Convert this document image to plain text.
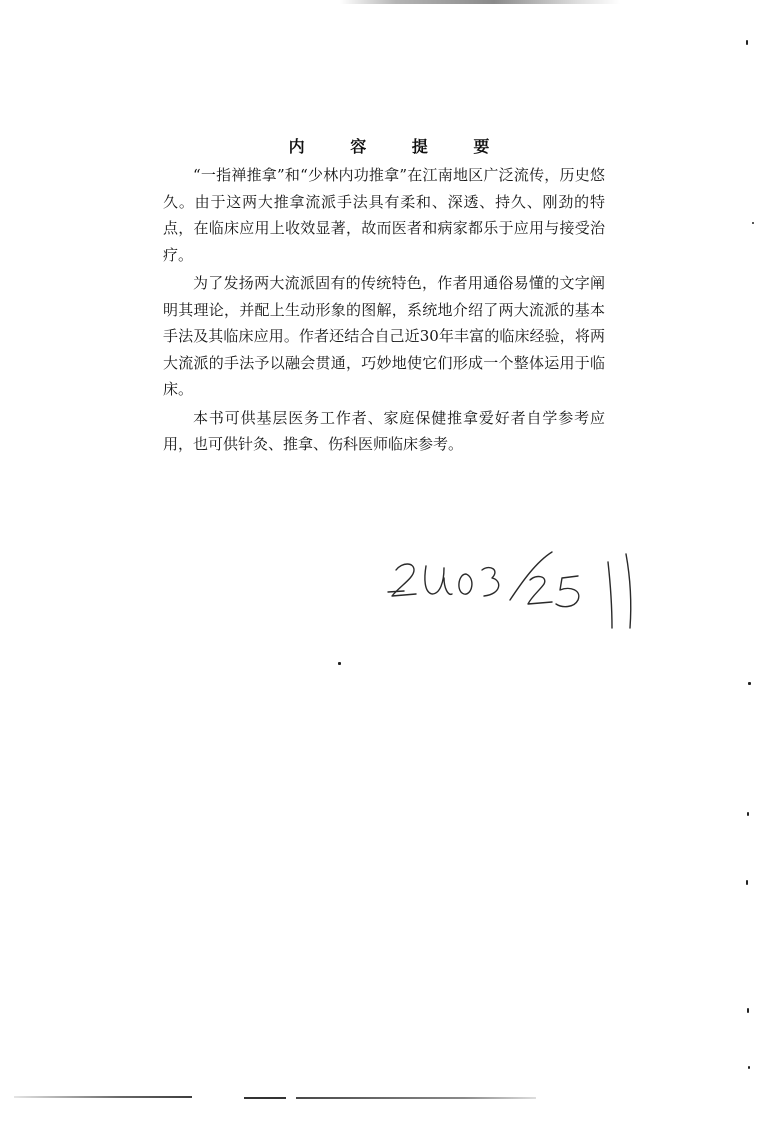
内 容 提 要

“一指禅推拿”和“少林内功推拿”在江南地区广泛流传，历史悠久。由于这两大推拿流派手法具有柔和、深透、持久、刚劲的特点，在临床应用上收效显著，故而医者和病家都乐于应用与接受治疗。

为了发扬两大流派固有的传统特色，作者用通俗易懂的文字阐明其理论，并配上生动形象的图解，系统地介绍了两大流派的基本手法及其临床应用。作者还结合自己近30年丰富的临床经验，将两大流派的手法予以融会贯通，巧妙地使它们形成一个整体运用于临床。

本书可供基层医务工作者、家庭保健推拿爱好者自学参考应用，也可供针灸、推拿、伤科医师临床参考。
